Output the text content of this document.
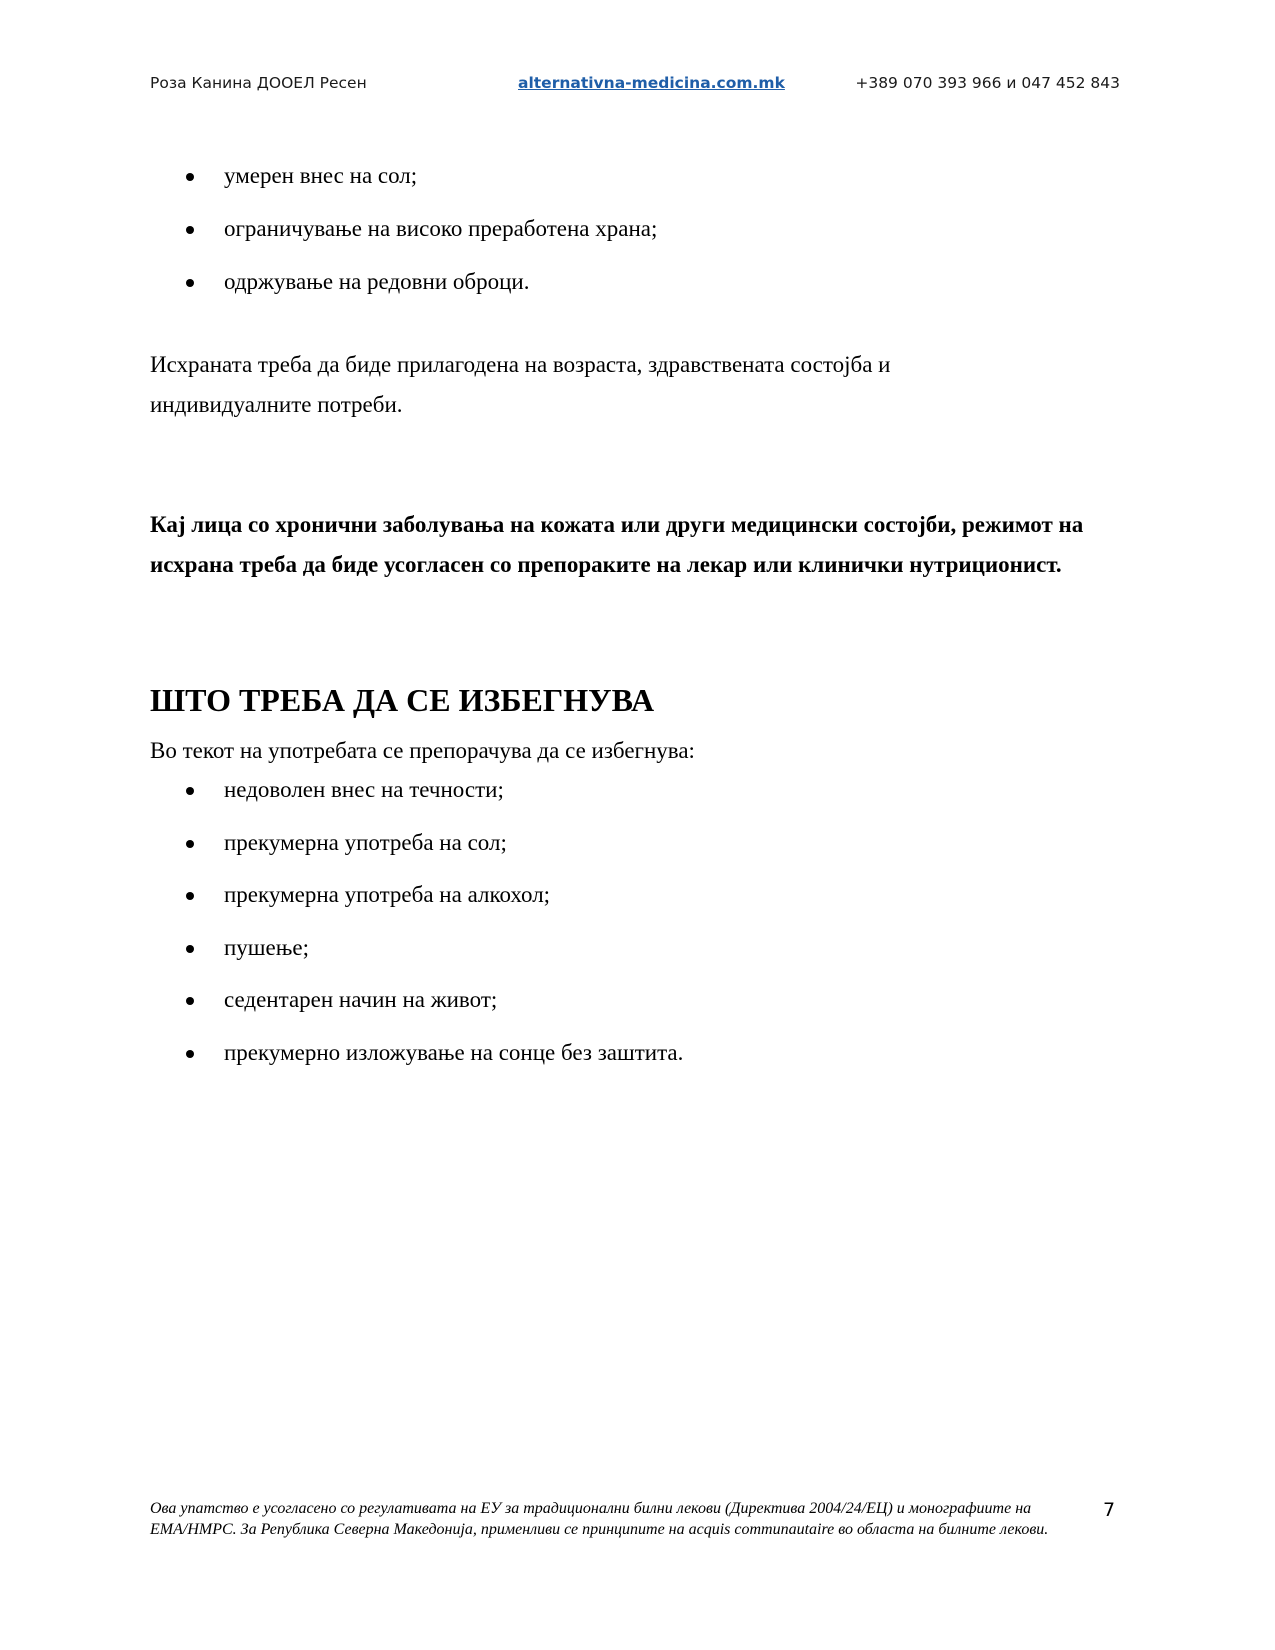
Роза Канина ДООЕЛ Ресен	alternativna-medicina.com.mk	+389 070 393 966 и 047 452 843
умерен внес на сол;
ограничување на високо преработена храна;
одржување на редовни оброци.

Исхраната треба да биде прилагодена на возраста, здравствената состојба и индивидуалните потреби.

Кај лица со хронични заболувања на кожата или други медицински состојби, режимот на исхрана треба да биде усогласен со препораките на лекар или клинички нутриционист.

ШТО ТРЕБА ДА СЕ ИЗБЕГНУВА

Во текот на употребата се препорачува да се избегнува:

недоволен внес на течности;
прекумерна употреба на сол;
прекумерна употреба на алкохол;
пушење;
седентарен начин на живот;
прекумерно изложување на сонце без заштита.
Ова упатство е усогласено со регулативата на ЕУ за традиционални билни лекови (Директива 2004/24/ЕЦ) и монографиите на EMA/HMPC. За Република Северна Македонија, применливи се принципите на acquis communautaire во областа на билните лекови.
7
